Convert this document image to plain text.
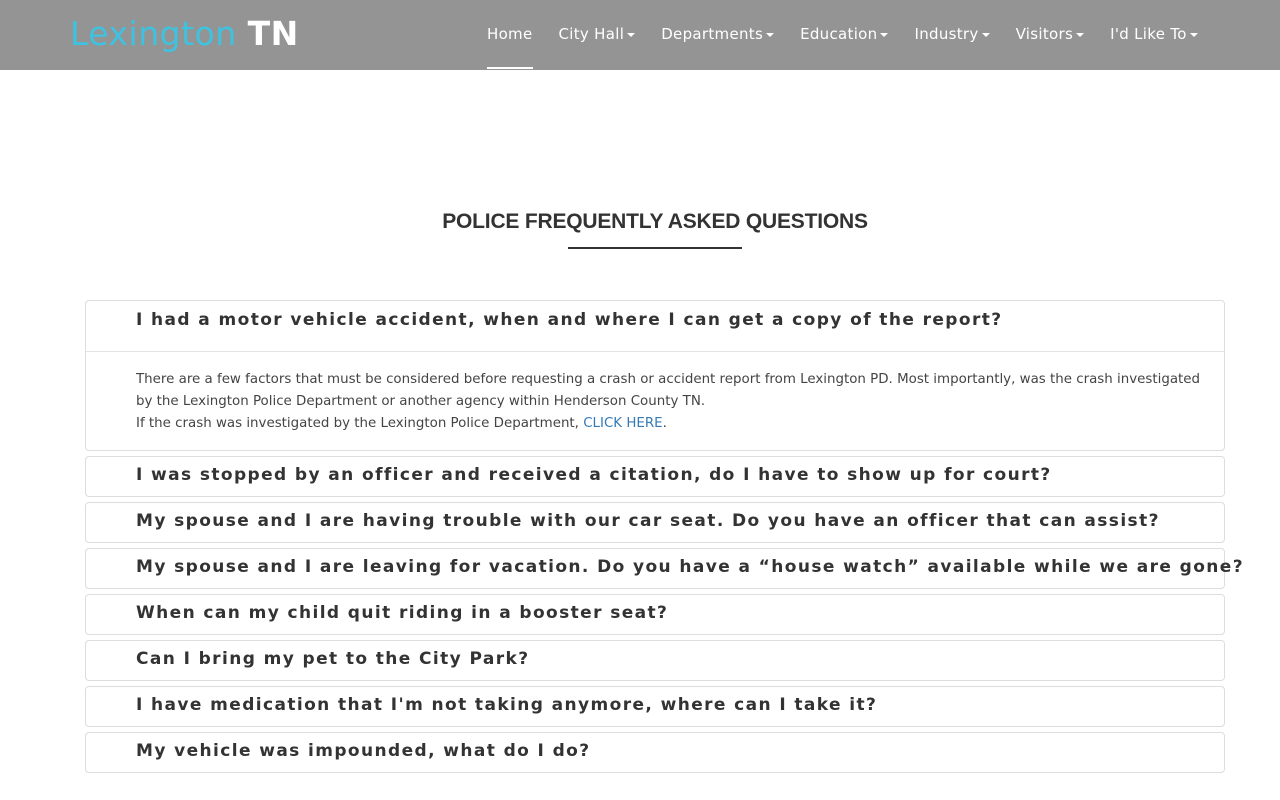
Lexington TN	Home City Hall	Departments	Education	Industry	Visitors	I'd Like To
POLICE FREQUENTLY ASKED QUESTIONS
I had a motor vehicle accident, when and where I can get a copy of the report?

There are a few factors that must be considered before requesting a crash or accident report from Lexington PD. Most importantly, was the crash investigated by the Lexington Police Department or another agency within Henderson County TN.

If the crash was investigated by the Lexington Police Department, CLICK HERE.

I was stopped by an officer and received a citation, do I have to show up for court?
My spouse and I are having trouble with our car seat. Do you have an officer that can assist?
My spouse and I are leaving for vacation. Do you have a “house watch” available while we are gone?
When can my child quit riding in a booster seat?
Can I bring my pet to the City Park?
I have medication that I'm not taking anymore, where can I take it?
My vehicle was impounded, what do I do?
